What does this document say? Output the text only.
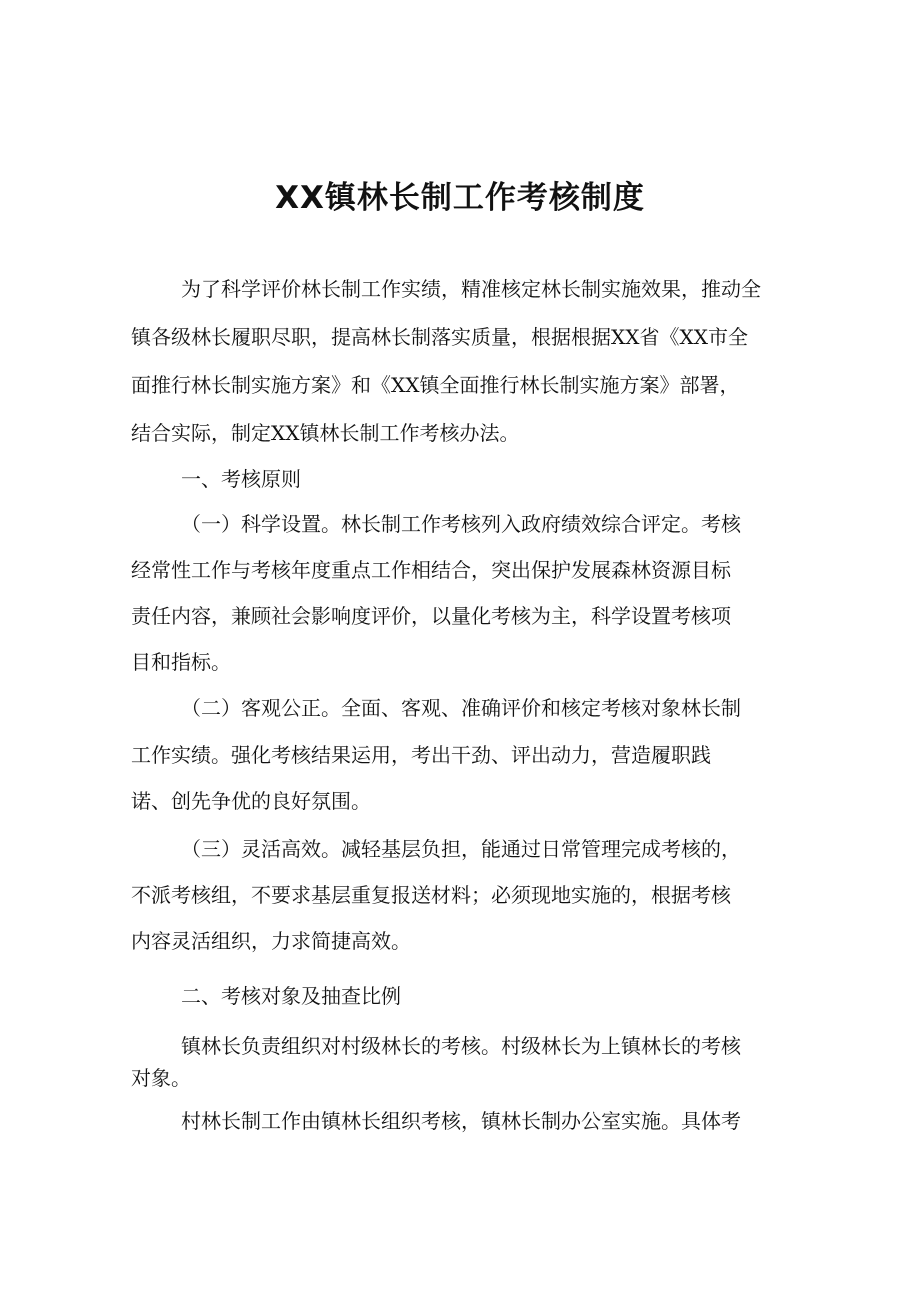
XX镇林长制工作考核制度

为了科学评价林长制工作实绩，精准核定林长制实施效果，推动全

镇各级林长履职尽职，提高林长制落实质量，根据根据XX省《XX市全

面推行林长制实施方案》和《XX镇全面推行林长制实施方案》部署，

结合实际，制定XX镇林长制工作考核办法。

一、考核原则

（一）科学设置。林长制工作考核列入政府绩效综合评定。考核

经常性工作与考核年度重点工作相结合，突出保护发展森林资源目标

责任内容，兼顾社会影响度评价，以量化考核为主，科学设置考核项

目和指标。

（二）客观公正。全面、客观、准确评价和核定考核对象林长制

工作实绩。强化考核结果运用，考出干劲、评出动力，营造履职践

诺、创先争优的良好氛围。

（三）灵活高效。减轻基层负担，能通过日常管理完成考核的，

不派考核组，不要求基层重复报送材料；必须现地实施的，根据考核

内容灵活组织，力求简捷高效。

二、考核对象及抽查比例

镇林长负责组织对村级林长的考核。村级林长为上镇林长的考核

对象。

村林长制工作由镇林长组织考核，镇林长制办公室实施。具体考
